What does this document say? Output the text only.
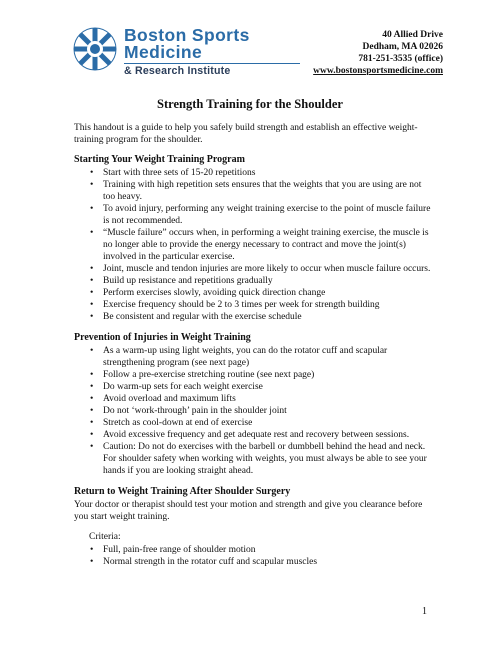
Boston Sports
Medicine
& Research Institute
40 Allied Drive
Dedham, MA 02026
781-251-3535 (office)
www.bostonsportsmedicine.com
Strength Training for the Shoulder

This handout is a guide to help you safely build strength and establish an effective weight-training program for the shoulder.

Starting Your Weight Training Program
• Start with three sets of 15-20 repetitions
• Training with high repetition sets ensures that the weights that you are using are not too heavy.
• To avoid injury, performing any weight training exercise to the point of muscle failure is not recommended.
• “Muscle failure” occurs when, in performing a weight training exercise, the muscle is no longer able to provide the energy necessary to contract and move the joint(s) involved in the particular exercise.
• Joint, muscle and tendon injuries are more likely to occur when muscle failure occurs.
• Build up resistance and repetitions gradually
• Perform exercises slowly, avoiding quick direction change
• Exercise frequency should be 2 to 3 times per week for strength building
• Be consistent and regular with the exercise schedule
Prevention of Injuries in Weight Training
• As a warm-up using light weights, you can do the rotator cuff and scapular strengthening program (see next page)
• Follow a pre-exercise stretching routine (see next page)
• Do warm-up sets for each weight exercise
• Avoid overload and maximum lifts
• Do not ‘work-through’ pain in the shoulder joint
• Stretch as cool-down at end of exercise
• Avoid excessive frequency and get adequate rest and recovery between sessions.
• Caution: Do not do exercises with the barbell or dumbbell behind the head and neck. For shoulder safety when working with weights, you must always be able to see your hands if you are looking straight ahead.
Return to Weight Training After Shoulder Surgery

Your doctor or therapist should test your motion and strength and give you clearance before you start weight training.

Criteria:

• Full, pain-free range of shoulder motion
• Normal strength in the rotator cuff and scapular muscles
1
